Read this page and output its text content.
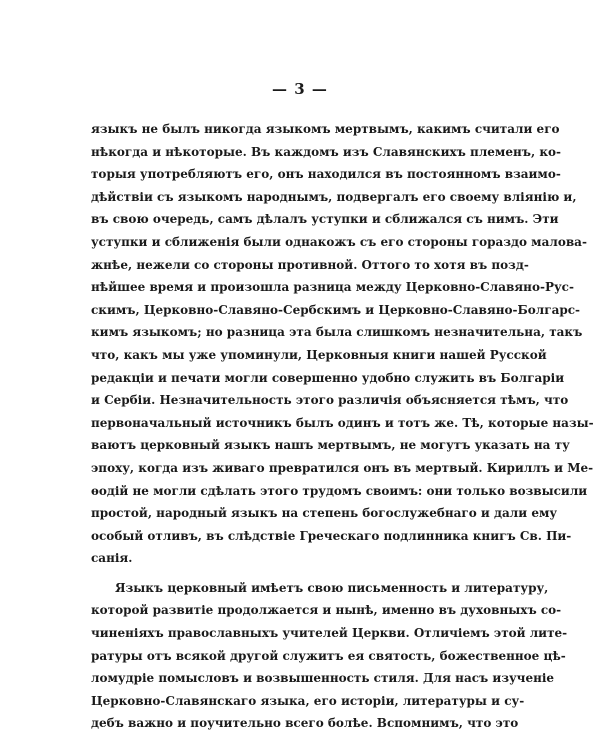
— 3 —
языкъ не былъ никогда языкомъ мертвымъ, какимъ считали его
нѣкогда и нѣкоторые. Въ каждомъ изъ Славянскихъ племенъ, ко-
торыя употребляютъ его, онъ находился въ постоянномъ взаимо-
дѣйствіи съ языкомъ народнымъ, подвергалъ его своему вліянію и,
въ свою очередь, самъ дѣлалъ уступки и сближался съ нимъ. Эти
уступки и сближенія были однакожъ съ его стороны гораздо малова-
жнѣе, нежели со стороны противной. Оттого то хотя въ позд-
нѣйшее время и произошла разница между Церковно-Славяно-Рус-
скимъ, Церковно-Славяно-Сербскимъ и Церковно-Славяно-Болгарс-
кимъ языкомъ; но разница эта была слишкомъ незначительна, такъ
что, какъ мы уже упоминули, Церковныя книги нашей Русской
редакціи и печати могли совершенно удобно служить въ Болгаріи
и Сербіи. Незначительность этого различія объясняется тѣмъ, что
первоначальный источникъ былъ одинъ и тотъ же. Тѣ, которые назы-
ваютъ церковный языкъ нашъ мертвымъ, не могутъ указать на ту
эпоху, когда изъ живаго превратился онъ въ мертвый. Кириллъ и Ме-
ѳодій не могли сдѣлать этого трудомъ своимъ: они только возвысили
простой, народный языкъ на степень богослужебнаго и дали ему
особый отливъ, въ слѣдствіе Греческаго подлинника книгъ Св. Пи-
санія.
Языкъ церковный имѣетъ свою письменность и литературу,
которой развитіе продолжается и нынѣ, именно въ духовныхъ со-
чиненіяхъ православныхъ учителей Церкви. Отличіемъ этой лите-
ратуры отъ всякой другой служитъ ея святость, божественное цѣ-
ломудріе помысловъ и возвышенность стиля. Для насъ изученіе
Церковно-Славянскаго языка, его исторіи, литературы и су-
дебъ важно и поучительно всего болѣе. Вспомнимъ, что это
